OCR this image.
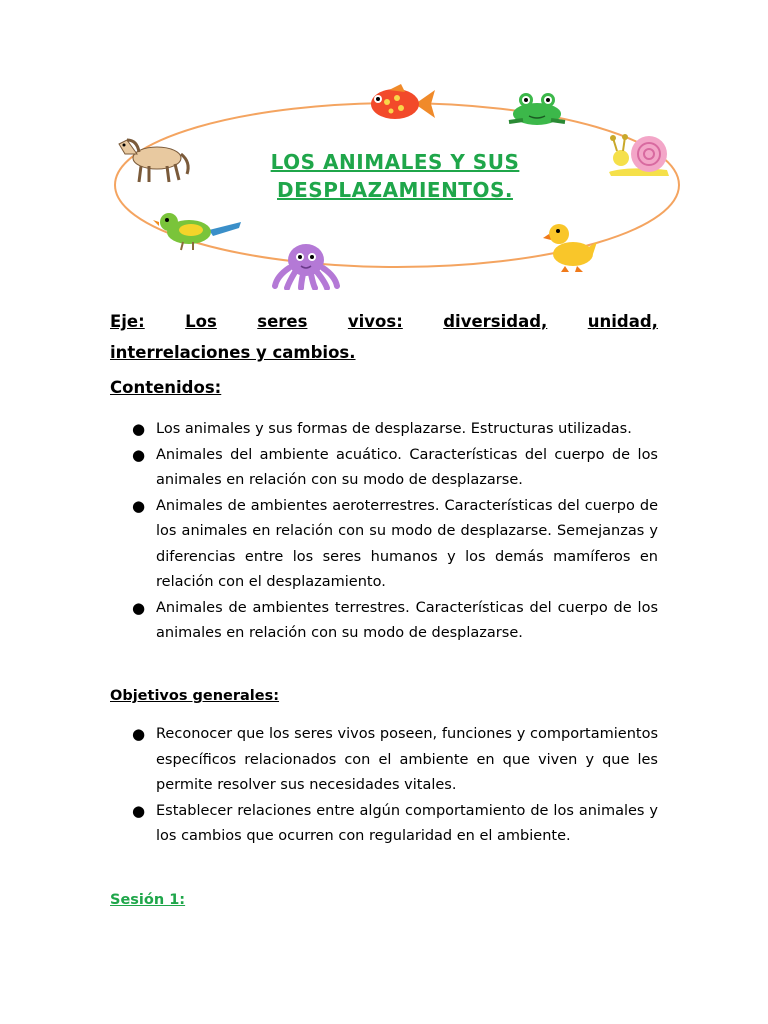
LOS ANIMALES Y SUS
DESPLAZAMIENTOS.
Eje: Los seres vivos: diversidad, unidad,
interrelaciones y cambios.
Contenidos:
● Los animales y sus formas de desplazarse. Estructuras utilizadas.
● Animales del ambiente acuático. Características del cuerpo de los animales en relación con su modo de desplazarse.
● Animales de ambientes aeroterrestres. Características del cuerpo de los animales en relación con su modo de desplazarse. Semejanzas y diferencias entre los seres humanos y los demás mamíferos en relación con el desplazamiento.
● Animales de ambientes terrestres. Características del cuerpo de los animales en relación con su modo de desplazarse.
Objetivos generales:
● Reconocer que los seres vivos poseen, funciones y comportamientos específicos relacionados con el ambiente en que viven y que les permite resolver sus necesidades vitales.
● Establecer relaciones entre algún comportamiento de los animales y los cambios que ocurren con regularidad en el ambiente.
Sesión 1:
